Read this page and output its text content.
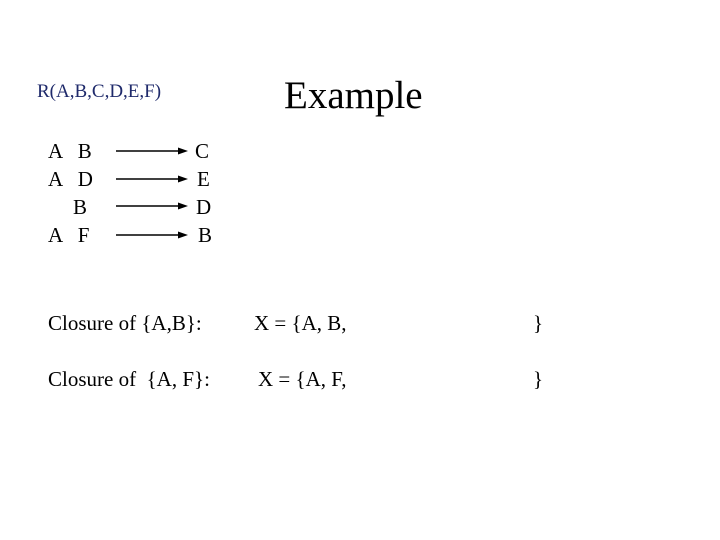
R(A,B,C,D,E,F)	Example
A   B	C
A   D	E
B	D
A   F	B
Closure of {A,B}: X = {A, B,	}
Closure of  {A, F}: X = {A, F,	}
